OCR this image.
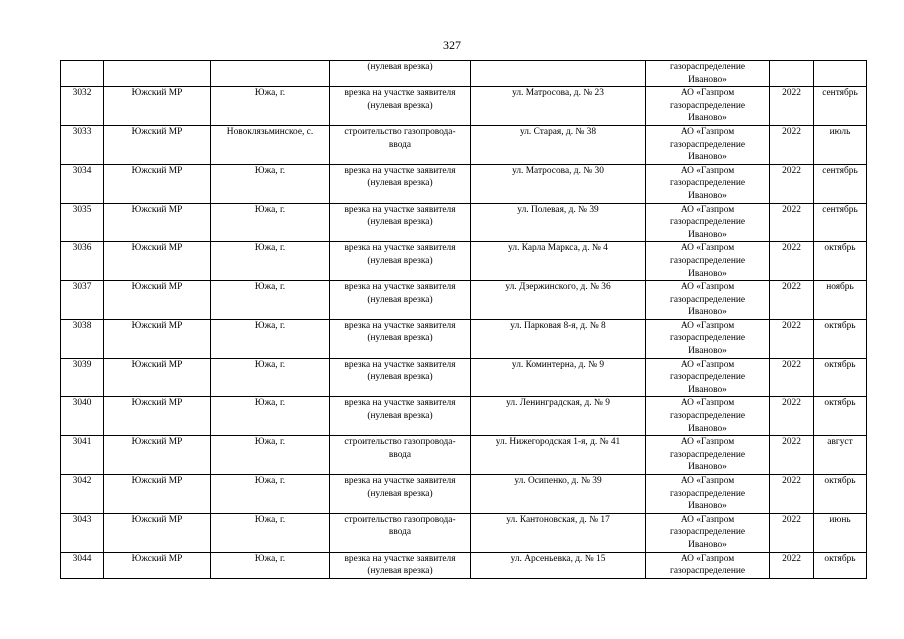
327
			(нулевая врезка)		газораспределение
Иваново»		
3032	Южский МР	Южа, г.	врезка на участке заявителя
(нулевая врезка)	ул. Матросова, д. № 23	АО «Газпром
газораспределение
Иваново»	2022	сентябрь
3033	Южский МР	Новоклязьминское, с.	строительство газопровода-
ввода	ул. Старая, д. № 38	АО «Газпром
газораспределение
Иваново»	2022	июль
3034	Южский МР	Южа, г.	врезка на участке заявителя
(нулевая врезка)	ул. Матросова, д. № 30	АО «Газпром
газораспределение
Иваново»	2022	сентябрь
3035	Южский МР	Южа, г.	врезка на участке заявителя
(нулевая врезка)	ул. Полевая, д. № 39	АО «Газпром
газораспределение
Иваново»	2022	сентябрь
3036	Южский МР	Южа, г.	врезка на участке заявителя
(нулевая врезка)	ул. Карла Маркса, д. № 4	АО «Газпром
газораспределение
Иваново»	2022	октябрь
3037	Южский МР	Южа, г.	врезка на участке заявителя
(нулевая врезка)	ул. Дзержинского, д. № 36	АО «Газпром
газораспределение
Иваново»	2022	ноябрь
3038	Южский МР	Южа, г.	врезка на участке заявителя
(нулевая врезка)	ул. Парковая 8-я, д. № 8	АО «Газпром
газораспределение
Иваново»	2022	октябрь
3039	Южский МР	Южа, г.	врезка на участке заявителя
(нулевая врезка)	ул. Коминтерна, д. № 9	АО «Газпром
газораспределение
Иваново»	2022	октябрь
3040	Южский МР	Южа, г.	врезка на участке заявителя
(нулевая врезка)	ул. Ленинградская, д. № 9	АО «Газпром
газораспределение
Иваново»	2022	октябрь
3041	Южский МР	Южа, г.	строительство газопровода-
ввода	ул. Нижегородская 1-я, д. № 41	АО «Газпром
газораспределение
Иваново»	2022	август
3042	Южский МР	Южа, г.	врезка на участке заявителя
(нулевая врезка)	ул. Осипенко, д. № 39	АО «Газпром
газораспределение
Иваново»	2022	октябрь
3043	Южский МР	Южа, г.	строительство газопровода-
ввода	ул. Кантоновская, д. № 17	АО «Газпром
газораспределение
Иваново»	2022	июнь
3044	Южский МР	Южа, г.	врезка на участке заявителя
(нулевая врезка)	ул. Арсеньевка, д. № 15	АО «Газпром
газораспределение	2022	октябрь
